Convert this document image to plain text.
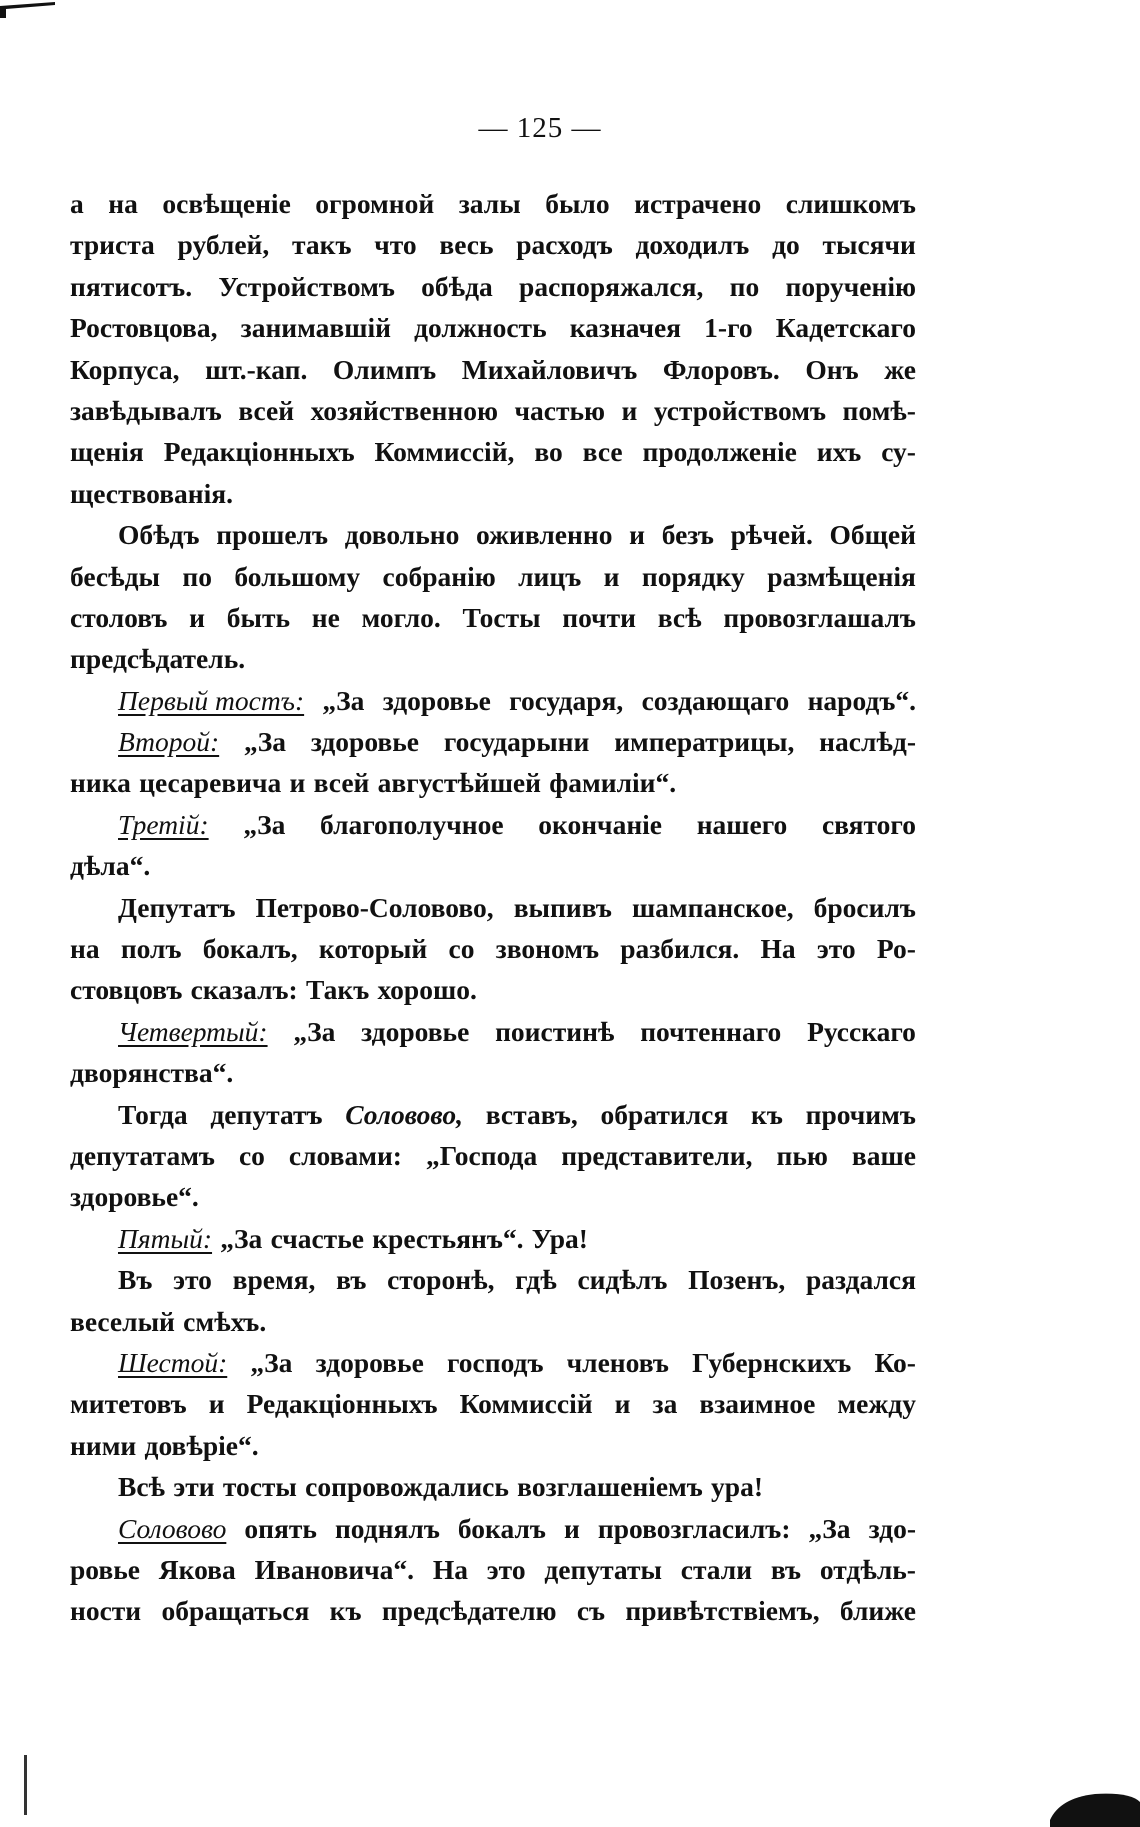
— 125 —
а на освѣщеніе огромной залы было истрачено слишкомъ
триста рублей, такъ что весь расходъ доходилъ до тысячи
пятисотъ. Устройствомъ обѣда распоряжался, по порученію
Ростовцова, занимавшій должность казначея 1-го Кадетскаго
Корпуса, шт.-кап. Олимпъ Михайловичъ Флоровъ. Онъ же
завѣдывалъ всей хозяйственною частью и устройствомъ помѣ-
щенія Редакціонныхъ Коммиссій, во все продолженіе ихъ су-
ществованія.
Обѣдъ прошелъ довольно оживленно и безъ рѣчей. Общей
бесѣды по большому собранію лицъ и порядку размѣщенія
столовъ и быть не могло. Тосты почти всѣ провозглашалъ
предсѣдатель.
Первый тостъ: „За здоровье государя, создающаго народъ“.
Второй: „За здоровье государыни императрицы, наслѣд-
ника цесаревича и всей августѣйшей фамиліи“.
Третій: „За благополучное окончаніе нашего святого
дѣла“.
Депутатъ Петрово-Соловово, выпивъ шампанское, бросилъ
на полъ бокалъ, который со звономъ разбился. На это Ро-
стовцовъ сказалъ: Такъ хорошо.
Четвертый: „За здоровье поистинѣ почтеннаго Русскаго
дворянства“.
Тогда депутатъ Соловово, вставъ, обратился къ прочимъ
депутатамъ со словами: „Господа представители, пью ваше
здоровье“.
Пятый: „За счастье крестьянъ“. Ура!
Въ это время, въ сторонѣ, гдѣ сидѣлъ Позенъ, раздался
веселый смѣхъ.
Шестой: „За здоровье господъ членовъ Губернскихъ Ко-
митетовъ и Редакціонныхъ Коммиссій и за взаимное между
ними довѣріе“.
Всѣ эти тосты сопровождались возглашеніемъ ура!
Соловово опять поднялъ бокалъ и провозгласилъ: „За здо-
ровье Якова Ивановича“. На это депутаты стали въ отдѣль-
ности обращаться къ предсѣдателю съ привѣтствіемъ, ближе
